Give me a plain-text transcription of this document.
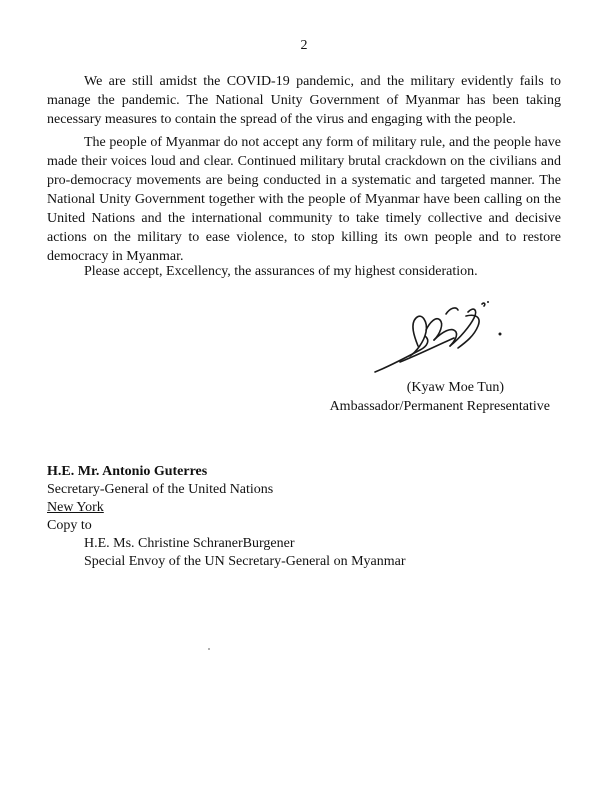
2

We are still amidst the COVID-19 pandemic, and the military evidently fails to manage the pandemic. The National Unity Government of Myanmar has been taking necessary measures to contain the spread of the virus and engaging with the people.

The people of Myanmar do not accept any form of military rule, and the people have made their voices loud and clear. Continued military brutal crackdown on the civilians and pro-democracy movements are being conducted in a systematic and targeted manner. The National Unity Government together with the people of Myanmar have been calling on the United Nations and the international community to take timely collective and decisive actions on the military to ease violence, to stop killing its own people and to restore democracy in Myanmar.

Please accept, Excellency, the assurances of my highest consideration.

(Kyaw Moe Tun)

Ambassador/Permanent Representative

H.E. Mr. Antonio Guterres
Secretary-General of the United Nations
New York
Copy to
H.E. Ms. Christine SchranerBurgener
Special Envoy of the UN Secretary-General on Myanmar
